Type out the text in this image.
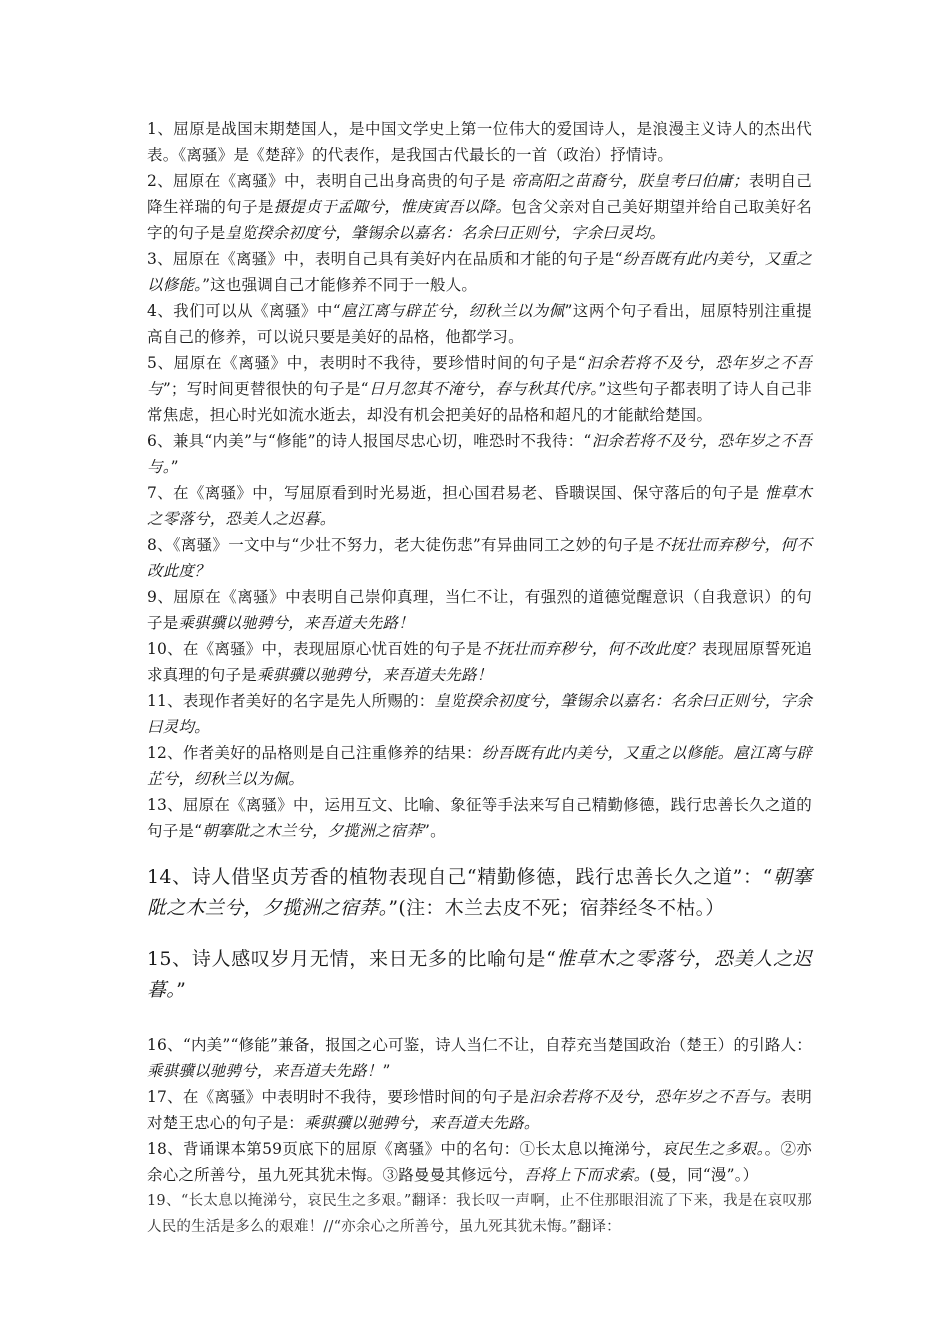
1、屈原是战国末期楚国人，是中国文学史上第一位伟大的爱国诗人，是浪漫主义诗人的杰出代表。《离骚》是《楚辞》的代表作，是我国古代最长的一首（政治）抒情诗。

2、屈原在《离骚》中，表明自己出身高贵的句子是 帝高阳之苗裔兮，朕皇考曰伯庸；表明自己降生祥瑞的句子是摄提贞于孟陬兮，惟庚寅吾以降。包含父亲对自己美好期望并给自己取美好名字的句子是皇览揆余初度兮，肇锡余以嘉名：名余曰正则兮，字余曰灵均。

3、屈原在《离骚》中，表明自己具有美好内在品质和才能的句子是“纷吾既有此内美兮，又重之以修能。”这也强调自己才能修养不同于一般人。

4、我们可以从《离骚》中“扈江离与辟芷兮，纫秋兰以为佩”这两个句子看出，屈原特别注重提高自己的修养，可以说只要是美好的品格，他都学习。

5、屈原在《离骚》中，表明时不我待，要珍惜时间的句子是“汩余若将不及兮，恐年岁之不吾与”；写时间更替很快的句子是“日月忽其不淹兮，春与秋其代序。”这些句子都表明了诗人自己非常焦虑，担心时光如流水逝去，却没有机会把美好的品格和超凡的才能献给楚国。

6、兼具“内美”与“修能”的诗人报国尽忠心切，唯恐时不我待：“汩余若将不及兮，恐年岁之不吾与。”

7、在《离骚》中，写屈原看到时光易逝，担心国君易老、昏聩误国、保守落后的句子是 惟草木之零落兮，恐美人之迟暮。

8、《离骚》一文中与“少壮不努力，老大徒伤悲”有异曲同工之妙的句子是不抚壮而弃秽兮，何不改此度？

9、屈原在《离骚》中表明自己崇仰真理，当仁不让，有强烈的道德觉醒意识（自我意识）的句子是乘骐骥以驰骋兮，来吾道夫先路！

10、在《离骚》中，表现屈原心忧百姓的句子是不抚壮而弃秽兮，何不改此度？表现屈原誓死追求真理的句子是乘骐骥以驰骋兮，来吾道夫先路！

11、表现作者美好的名字是先人所赐的：皇览揆余初度兮，肇锡余以嘉名：名余曰正则兮，字余曰灵均。

12、作者美好的品格则是自己注重修养的结果：纷吾既有此内美兮，又重之以修能。扈江离与辟芷兮，纫秋兰以为佩。

13、屈原在《离骚》中，运用互文、比喻、象征等手法来写自己精勤修德，践行忠善长久之道的句子是“朝搴阰之木兰兮，夕揽洲之宿莽”。

14、诗人借坚贞芳香的植物表现自己“精勤修德，践行忠善长久之道”：“朝搴阰之木兰兮，夕揽洲之宿莽。”(注：木兰去皮不死；宿莽经冬不枯。）

15、诗人感叹岁月无情，来日无多的比喻句是“惟草木之零落兮，恐美人之迟暮。”

16、“内美”“修能”兼备，报国之心可鉴，诗人当仁不让，自荐充当楚国政治（楚王）的引路人：乘骐骥以驰骋兮，来吾道夫先路！”

17、在《离骚》中表明时不我待，要珍惜时间的句子是汩余若将不及兮，恐年岁之不吾与。表明对楚王忠心的句子是：乘骐骥以驰骋兮，来吾道夫先路。

18、背诵课本第59页底下的屈原《离骚》中的名句：①长太息以掩涕兮，哀民生之多艰。。②亦余心之所善兮，虽九死其犹未悔。③路曼曼其修远兮，吾将上下而求索。(曼，同“漫”。）

19、“长太息以掩涕兮，哀民生之多艰。”翻译：我长叹一声啊，止不住那眼泪流了下来，我是在哀叹那人民的生活是多么的艰难！//“亦余心之所善兮，虽九死其犹未悔。”翻译：
